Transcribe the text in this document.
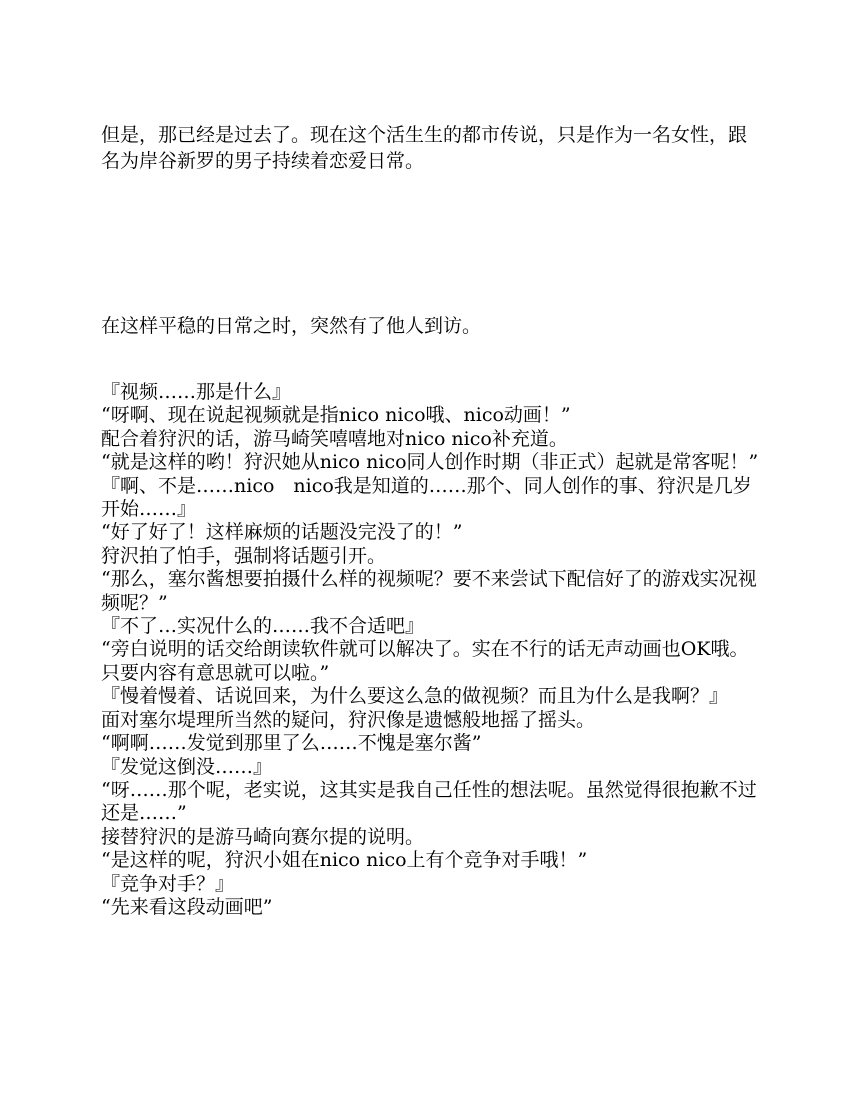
但是，那已经是过去了。现在这个活生生的都市传说，只是作为一名女性，跟名为岸谷新罗的男子持续着恋爱日常。

在这样平稳的日常之时，突然有了他人到访。

『视频……那是什么』

“呀啊、现在说起视频就是指nico nico哦、nico动画！”

配合着狩沢的话，游马崎笑嘻嘻地对nico nico补充道。

“就是这样的哟！狩沢她从nico nico同人创作时期（非正式）起就是常客呢！”

『啊、不是……nico　nico我是知道的……那个、同人创作的事、狩沢是几岁开始……』

“好了好了！这样麻烦的话题没完没了的！”

狩沢拍了怕手，强制将话题引开。

“那么，塞尔酱想要拍摄什么样的视频呢？要不来尝试下配信好了的游戏实况视频呢？”

『不了…实况什么的……我不合适吧』

“旁白说明的话交给朗读软件就可以解决了。实在不行的话无声动画也OK哦。只要内容有意思就可以啦。”

『慢着慢着、话说回来，为什么要这么急的做视频？而且为什么是我啊？』

面对塞尔堤理所当然的疑问，狩沢像是遗憾般地摇了摇头。

“啊啊……发觉到那里了么……不愧是塞尔酱”

『发觉这倒没……』

“呀……那个呢，老实说，这其实是我自己任性的想法呢。虽然觉得很抱歉不过还是……”

接替狩沢的是游马崎向赛尔提的说明。

“是这样的呢，狩沢小姐在nico nico上有个竞争对手哦！”

『竞争对手？』

“先来看这段动画吧”
